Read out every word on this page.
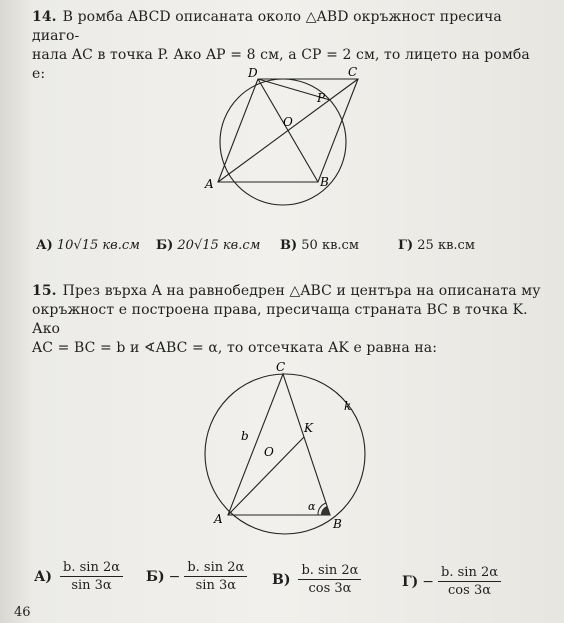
14. В ромба ABCD описаната около △ABD окръжност пресича диаго-
нала AC в точка P. Ако AP = 8 см, а CP = 2 см, то лицето на ромба
е:	D	C
P
O
A	B
А) 10√15 кв.см Б) 20√15 кв.см В) 50 кв.см	Г) 25 кв.см
15. През върха A на равнобедрен △ABC и центъра на описаната му
окръжност е построена права, пресичаща страната BC в точка K. Ако
AC = BC = b и ∢ABC = α, то отсечката AK е равна на:
C
K
k
b
O
A	B
α
$А) \frac{b. \sin 2\alpha}{\sin 3\alpha} Б) - \frac{b. \sin 2\alpha}{\sin 3\alpha} В) \frac{b. \sin 2\alpha}{\cos 3\alpha}$	$Г) - \frac{b. \sin 2\alpha}{\cos 3\alpha}$
46
